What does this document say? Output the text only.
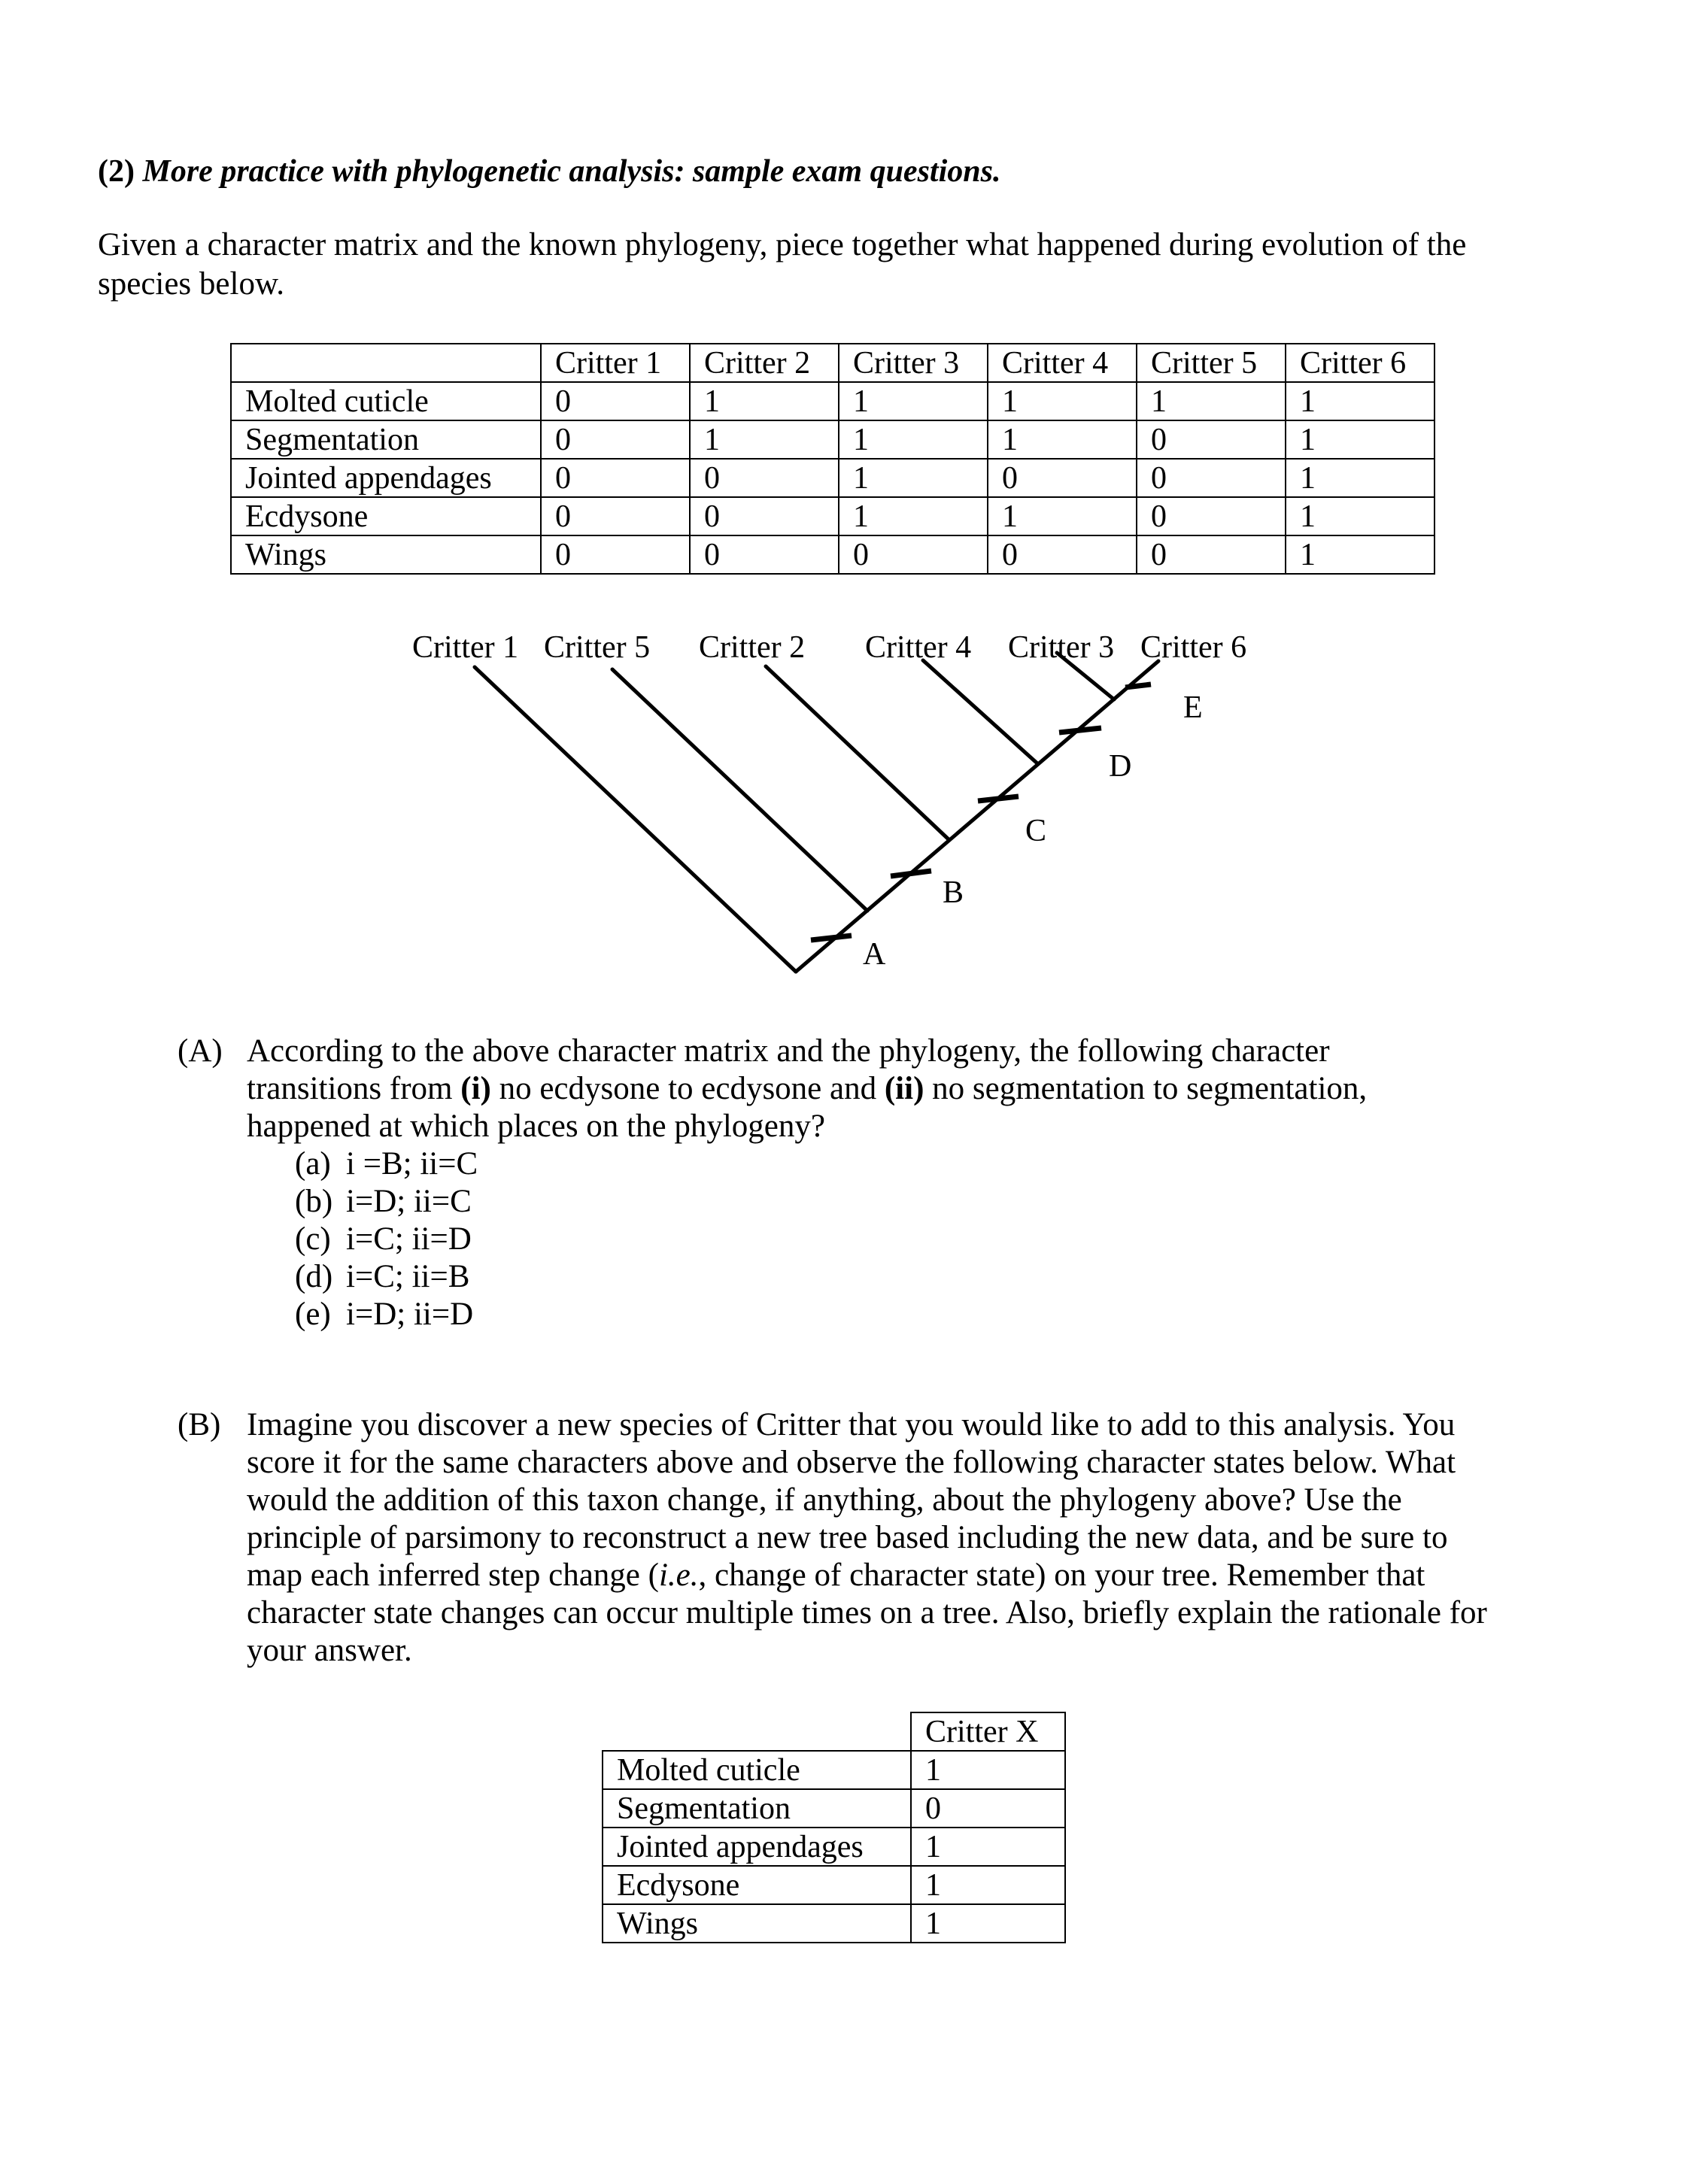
(2) More practice with phylogenetic analysis: sample exam questions.
Given a character matrix and the known phylogeny, piece together what happened during evolution of the species below.
	Critter 1	Critter 2	Critter 3	Critter 4	Critter 5	Critter 6
Molted cuticle	0	1	1	1	1	1
Segmentation	0	1	1	1	0	1
Jointed appendages	0	0	1	0	0	1
Ecdysone	0	0	1	1	0	1
Wings	0	0	0	0	0	1
Critter 1 Critter 5 Critter 2 Critter 4 Critter 3 Critter 6
A
B
C
D
E
(A) According to the above character matrix and the phylogeny, the following character transitions from (i) no ecdysone to ecdysone and (ii) no segmentation to segmentation, happened at which places on the phylogeny?
(a) i =B; ii=C
(b) i=D; ii=C
(c) i=C; ii=D
(d) i=C; ii=B
(e) i=D; ii=D
(B) Imagine you discover a new species of Critter that you would like to add to this analysis. You score it for the same characters above and observe the following character states below. What would the addition of this taxon change, if anything, about the phylogeny above? Use the principle of parsimony to reconstruct a new tree based including the new data, and be sure to map each inferred step change (i.e., change of character state) on your tree. Remember that character state changes can occur multiple times on a tree. Also, briefly explain the rationale for your answer.
	Critter X
Molted cuticle	1
Segmentation	0
Jointed appendages	1
Ecdysone	1
Wings	1
